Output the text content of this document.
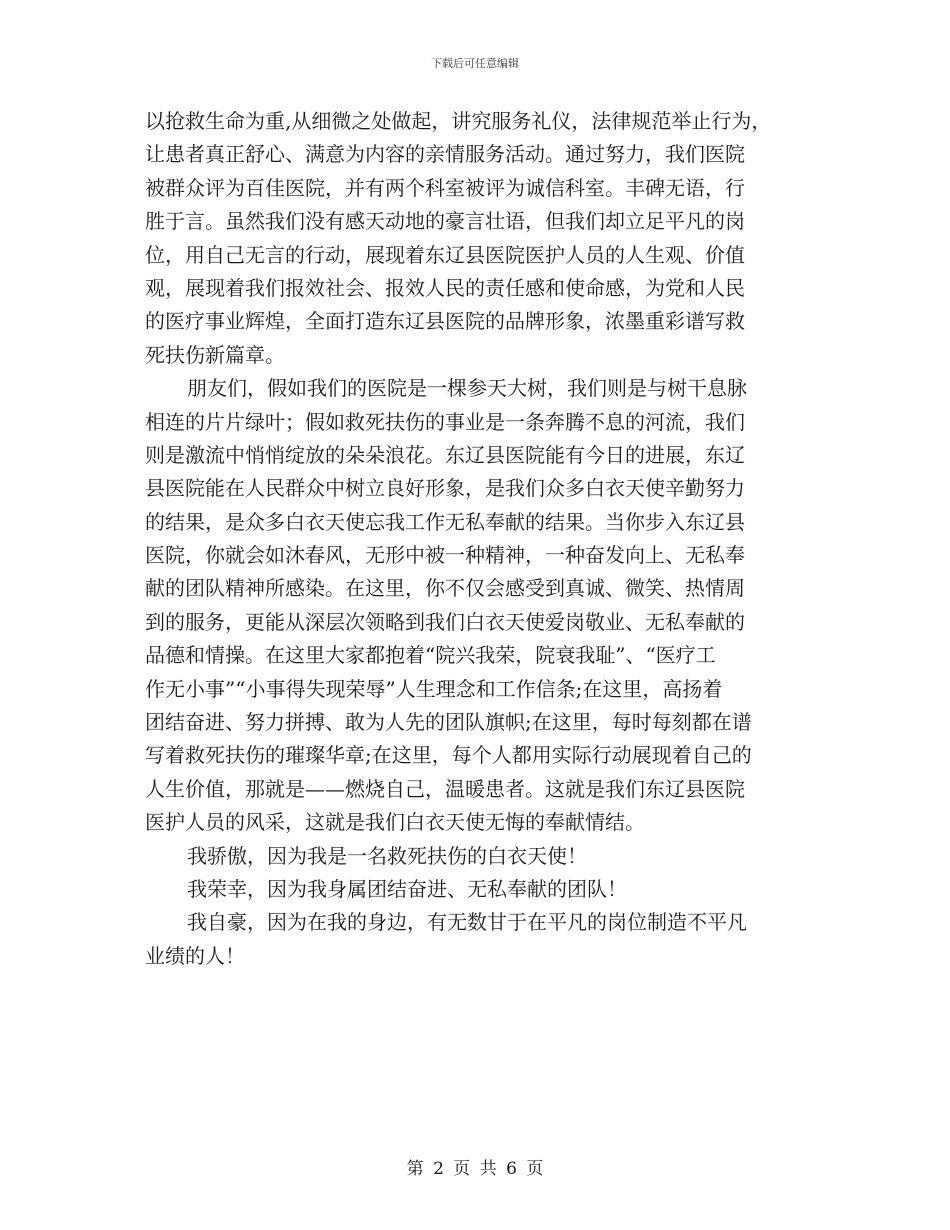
下载后可任意编辑
以抢救生命为重,从细微之处做起，讲究服务礼仪，法律规范举止行为，
让患者真正舒心、满意为内容的亲情服务活动。通过努力，我们医院
被群众评为百佳医院，并有两个科室被评为诚信科室。丰碑无语，行
胜于言。虽然我们没有感天动地的豪言壮语，但我们却立足平凡的岗
位，用自己无言的行动，展现着东辽县医院医护人员的人生观、价值
观，展现着我们报效社会、报效人民的责任感和使命感，为党和人民
的医疗事业辉煌，全面打造东辽县医院的品牌形象，浓墨重彩谱写救
死扶伤新篇章。
朋友们，假如我们的医院是一棵参天大树，我们则是与树干息脉
相连的片片绿叶；假如救死扶伤的事业是一条奔腾不息的河流，我们
则是激流中悄悄绽放的朵朵浪花。东辽县医院能有今日的进展，东辽
县医院能在人民群众中树立良好形象，是我们众多白衣天使辛勤努力
的结果，是众多白衣天使忘我工作无私奉献的结果。当你步入东辽县
医院，你就会如沐春风，无形中被一种精神，一种奋发向上、无私奉
献的团队精神所感染。在这里，你不仅会感受到真诚、微笑、热情周
到的服务，更能从深层次领略到我们白衣天使爱岗敬业、无私奉献的
品德和情操。在这里大家都抱着“院兴我荣，院衰我耻”、“医疗工
作无小事”“小事得失现荣辱”人生理念和工作信条;在这里，高扬着
团结奋进、努力拼搏、敢为人先的团队旗帜;在这里，每时每刻都在谱
写着救死扶伤的璀璨华章;在这里，每个人都用实际行动展现着自己的
人生价值，那就是——燃烧自己，温暖患者。这就是我们东辽县医院
医护人员的风采，这就是我们白衣天使无悔的奉献情结。
我骄傲，因为我是一名救死扶伤的白衣天使！
我荣幸，因为我身属团结奋进、无私奉献的团队！
我自豪，因为在我的身边，有无数甘于在平凡的岗位制造不平凡
业绩的人！
第 2 页 共 6 页
